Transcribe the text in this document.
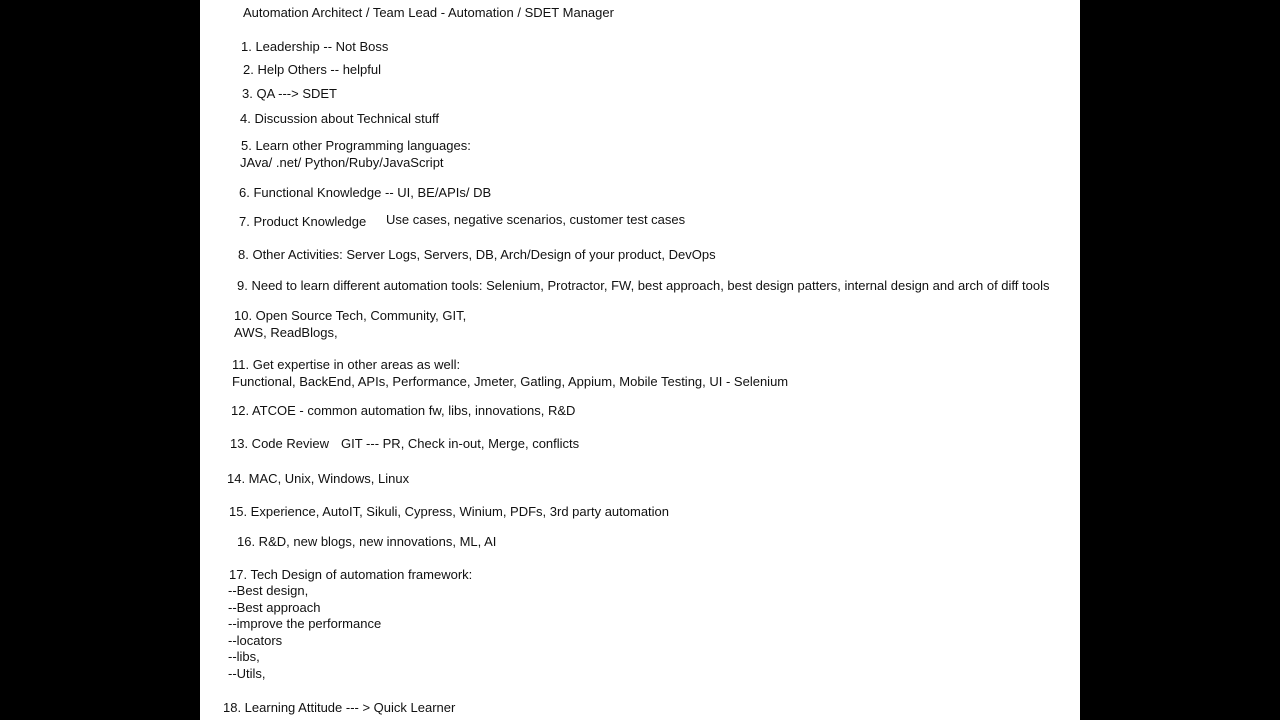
Automation Architect / Team Lead - Automation / SDET Manager

1. Leadership -- Not Boss

2. Help Others -- helpful

3. QA ---> SDET

4. Discussion about Technical stuff

5. Learn other Programming languages:

JAva/ .net/ Python/Ruby/JavaScript

6. Functional Knowledge -- UI, BE/APIs/ DB

7. Product Knowledge Use cases, negative scenarios, customer test cases

8. Other Activities: Server Logs, Servers, DB, Arch/Design of your product, DevOps

9. Need to learn different automation tools: Selenium, Protractor, FW, best approach, best design patters, internal design and arch of diff tools

10. Open Source Tech, Community, GIT,

AWS, ReadBlogs,

11. Get expertise in other areas as well:

Functional, BackEnd, APIs, Performance, Jmeter, Gatling, Appium, Mobile Testing, UI - Selenium

12. ATCOE - common automation fw, libs, innovations, R&D

13. Code Review GIT --- PR, Check in-out, Merge, conflicts

14. MAC, Unix, Windows, Linux

15. Experience, AutoIT, Sikuli, Cypress, Winium, PDFs, 3rd party automation

16. R&D, new blogs, new innovations, ML, AI

17. Tech Design of automation framework:

--Best design,

--Best approach

--improve the performance

--locators

--libs,

--Utils,

18. Learning Attitude --- > Quick Learner
